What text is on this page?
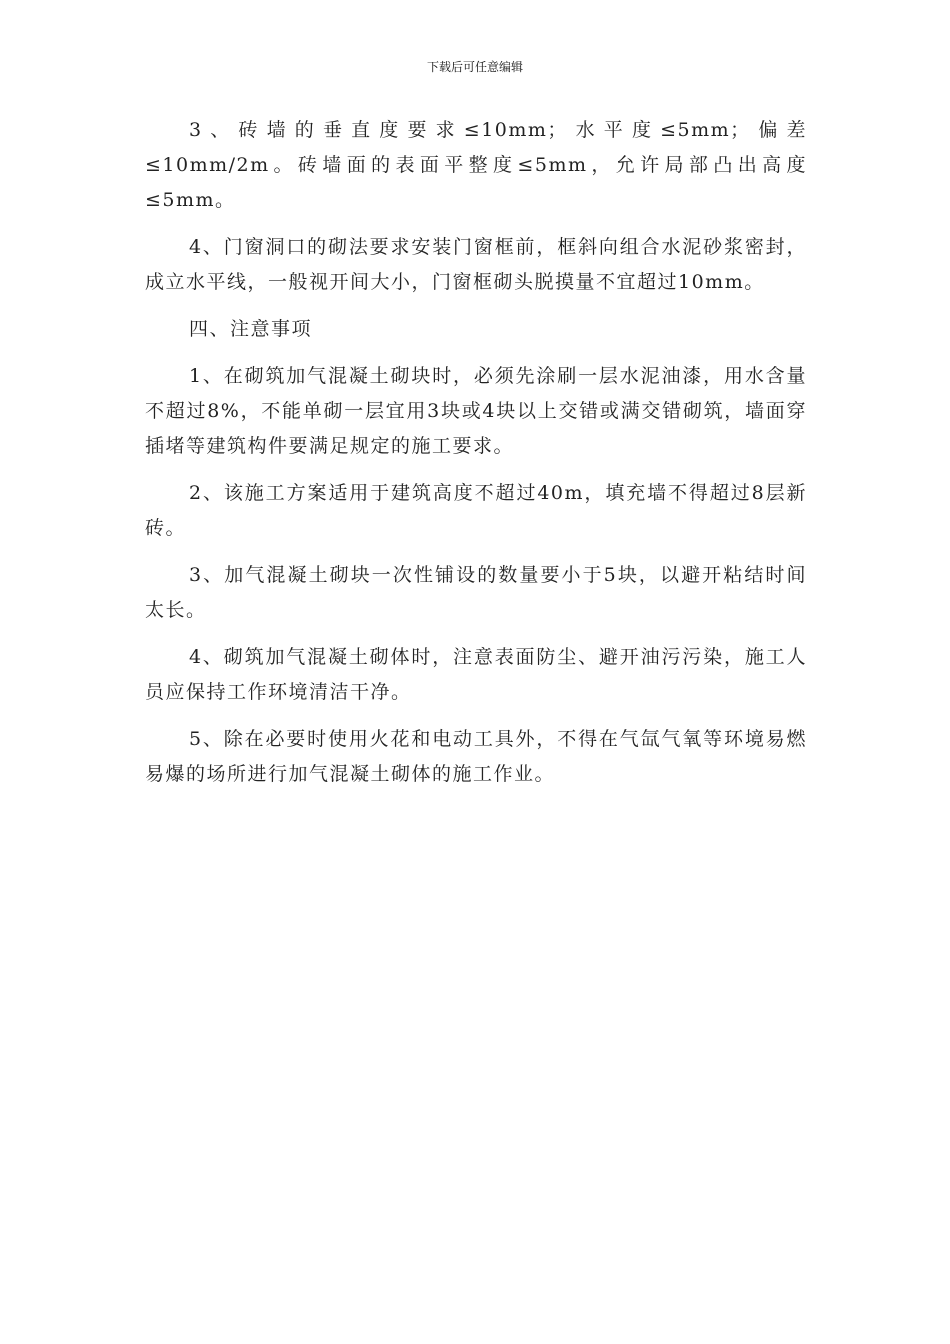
下载后可任意编辑

3、砖墙的垂直度要求≤10mm；水平度≤5mm；偏差≤10mm/2m。砖墙面的表面平整度≤5mm，允许局部凸出高度≤5mm。

4、门窗洞口的砌法要求安装门窗框前，框斜向组合水泥砂浆密封，成立水平线，一般视开间大小，门窗框砌头脱摸量不宜超过10mm。

四、注意事项

1、在砌筑加气混凝土砌块时，必须先涂刷一层水泥油漆，用水含量不超过8%，不能单砌一层宜用3块或4块以上交错或满交错砌筑，墙面穿插堵等建筑构件要满足规定的施工要求。

2、该施工方案适用于建筑高度不超过40m，填充墙不得超过8层新砖。

3、加气混凝土砌块一次性铺设的数量要小于5块，以避开粘结时间太长。

4、砌筑加气混凝土砌体时，注意表面防尘、避开油污污染，施工人员应保持工作环境清洁干净。

5、除在必要时使用火花和电动工具外，不得在气氙气氧等环境易燃易爆的场所进行加气混凝土砌体的施工作业。
